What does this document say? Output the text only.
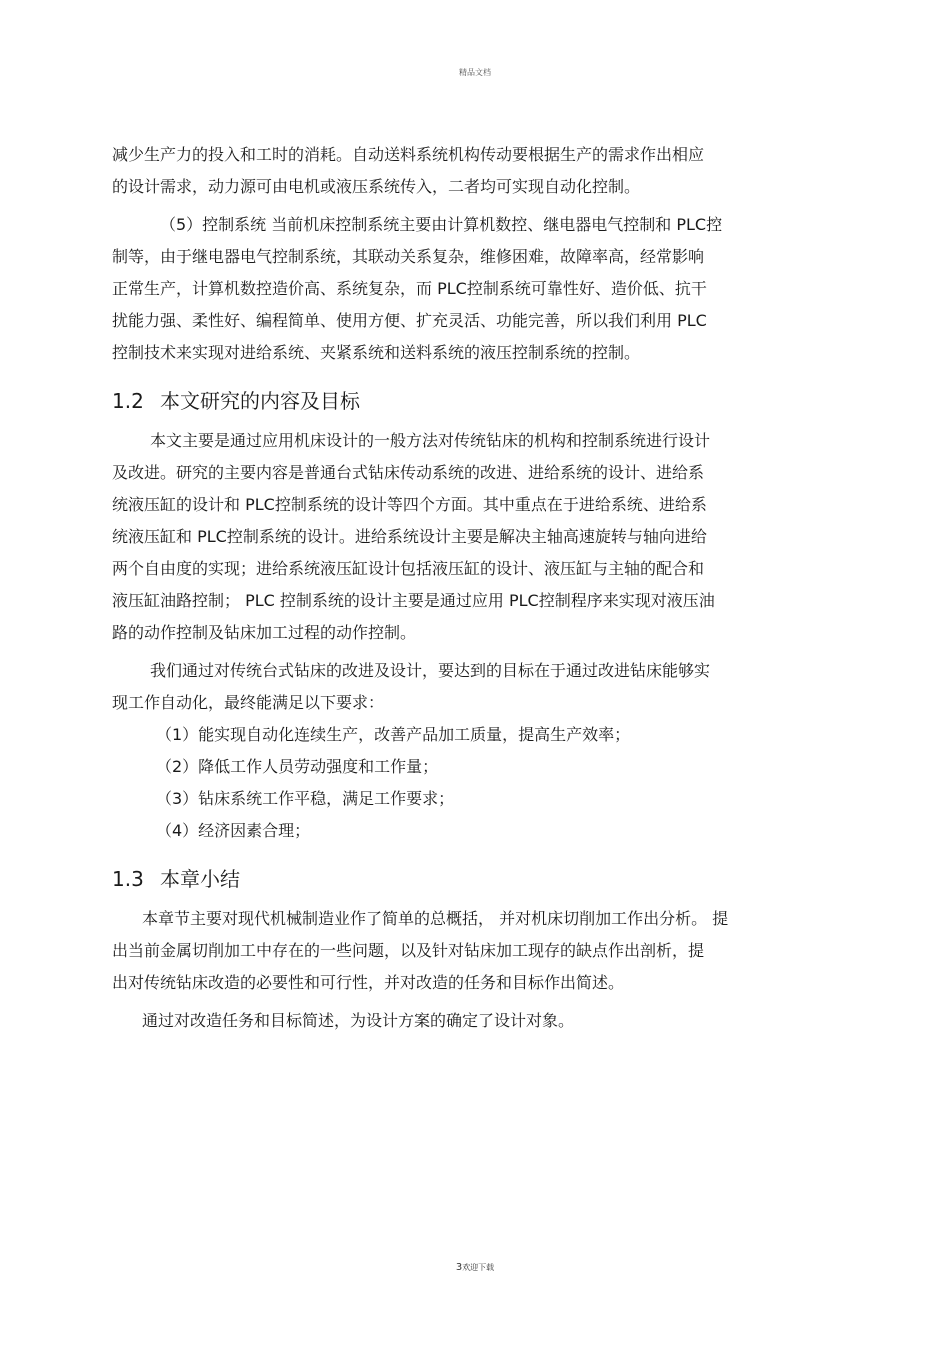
精品文档
减少生产力的投入和工时的消耗。自动送料系统机构传动要根据生产的需求作出相应
的设计需求，动力源可由电机或液压系统传入，二者均可实现自动化控制。
（5）控制系统 当前机床控制系统主要由计算机数控、继电器电气控制和 PLC控
制等，由于继电器电气控制系统，其联动关系复杂，维修困难，故障率高，经常影响
正常生产，计算机数控造价高、系统复杂，而 PLC控制系统可靠性好、造价低、抗干
扰能力强、柔性好、编程简单、使用方便、扩充灵活、功能完善，所以我们利用 PLC
控制技术来实现对进给系统、夹紧系统和送料系统的液压控制系统的控制。
1.2 本文研究的内容及目标
本文主要是通过应用机床设计的一般方法对传统钻床的机构和控制系统进行设计
及改进。研究的主要内容是普通台式钻床传动系统的改进、进给系统的设计、进给系
统液压缸的设计和 PLC控制系统的设计等四个方面。其中重点在于进给系统、进给系
统液压缸和 PLC控制系统的设计。进给系统设计主要是解决主轴高速旋转与轴向进给
两个自由度的实现；进给系统液压缸设计包括液压缸的设计、液压缸与主轴的配合和
液压缸油路控制； PLC 控制系统的设计主要是通过应用 PLC控制程序来实现对液压油
路的动作控制及钻床加工过程的动作控制。
我们通过对传统台式钻床的改进及设计，要达到的目标在于通过改进钻床能够实
现工作自动化，最终能满足以下要求：
（1）能实现自动化连续生产，改善产品加工质量，提高生产效率；
（2）降低工作人员劳动强度和工作量；
（3）钻床系统工作平稳，满足工作要求；
（4）经济因素合理；
1.3 本章小结
本章节主要对现代机械制造业作了简单的总概括， 并对机床切削加工作出分析。 提
出当前金属切削加工中存在的一些问题，以及针对钻床加工现存的缺点作出剖析，提
出对传统钻床改造的必要性和可行性，并对改造的任务和目标作出简述。
通过对改造任务和目标简述，为设计方案的确定了设计对象。
3欢迎下载
